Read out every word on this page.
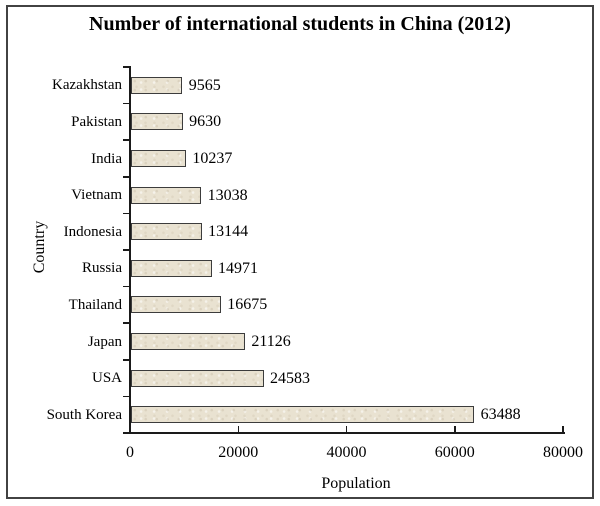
Number of international students in China (2012)
Country
Population
Kazakhstan	9565
Pakistan	9630
India	10237
Vietnam	13038
Indonesia	13144
Russia	14971
Thailand	16675
Japan	21126
USA	24583
South Korea	63488
0	20000	40000	60000	80000
